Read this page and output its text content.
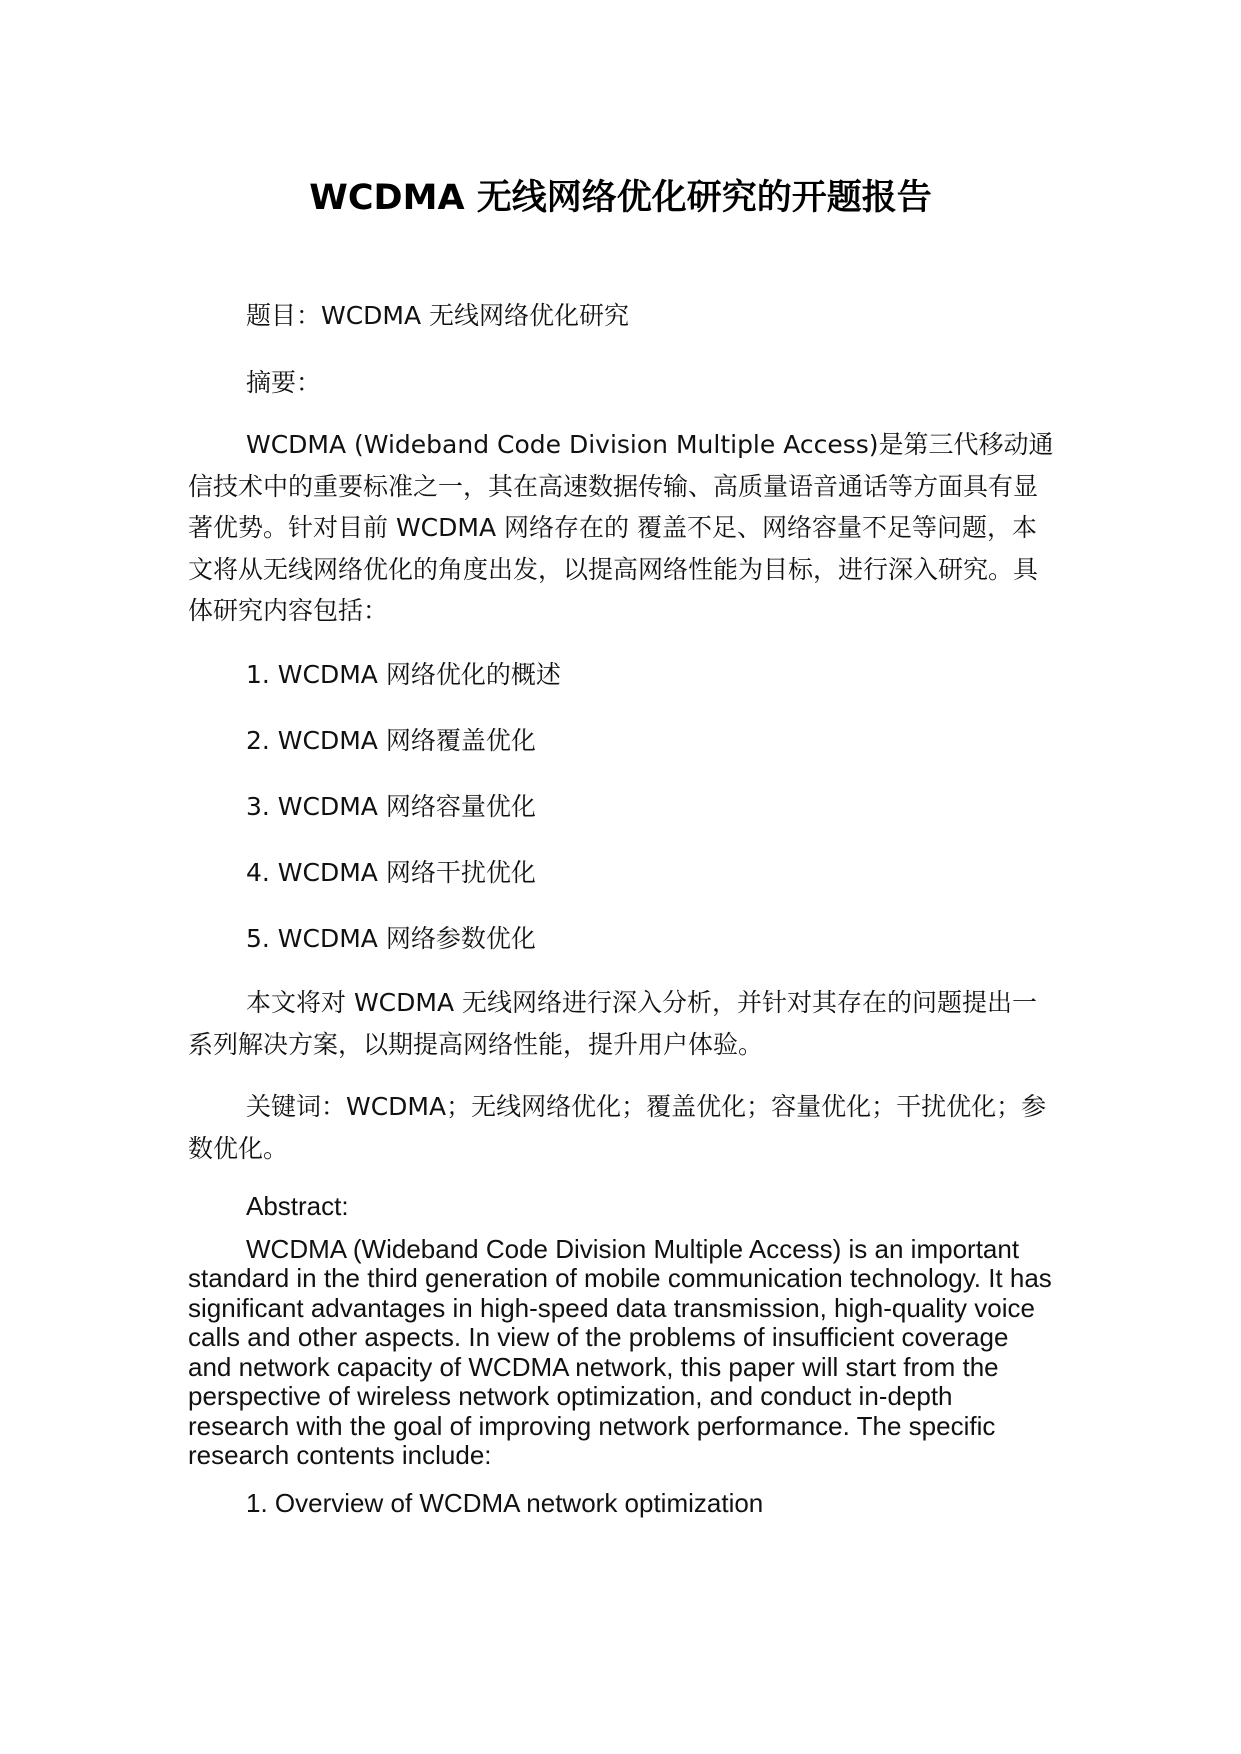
WCDMA 无线网络优化研究的开题报告

题目：WCDMA 无线网络优化研究

摘要：

WCDMA (Wideband Code Division Multiple Access)是第三代移动通信技术中的重要标准之一，其在高速数据传输、高质量语音通话等方面具有显著优势。针对目前 WCDMA 网络存在的 覆盖不足、网络容量不足等问题，本文将从无线网络优化的角度出发，以提高网络性能为目标，进行深入研究。具体研究内容包括：

1. WCDMA 网络优化的概述

2. WCDMA 网络覆盖优化

3. WCDMA 网络容量优化

4. WCDMA 网络干扰优化

5. WCDMA 网络参数优化

本文将对 WCDMA 无线网络进行深入分析，并针对其存在的问题提出一系列解决方案，以期提高网络性能，提升用户体验。

关键词：WCDMA；无线网络优化；覆盖优化；容量优化；干扰优化；参数优化。

Abstract:

WCDMA (Wideband Code Division Multiple Access) is an important standard in the third generation of mobile communication technology. It has significant advantages in high-speed data transmission, high-quality voice calls and other aspects. In view of the problems of insufficient coverage and network capacity of WCDMA network, this paper will start from the perspective of wireless network optimization, and conduct in-depth research with the goal of improving network performance. The specific research contents include:

1. Overview of WCDMA network optimization
